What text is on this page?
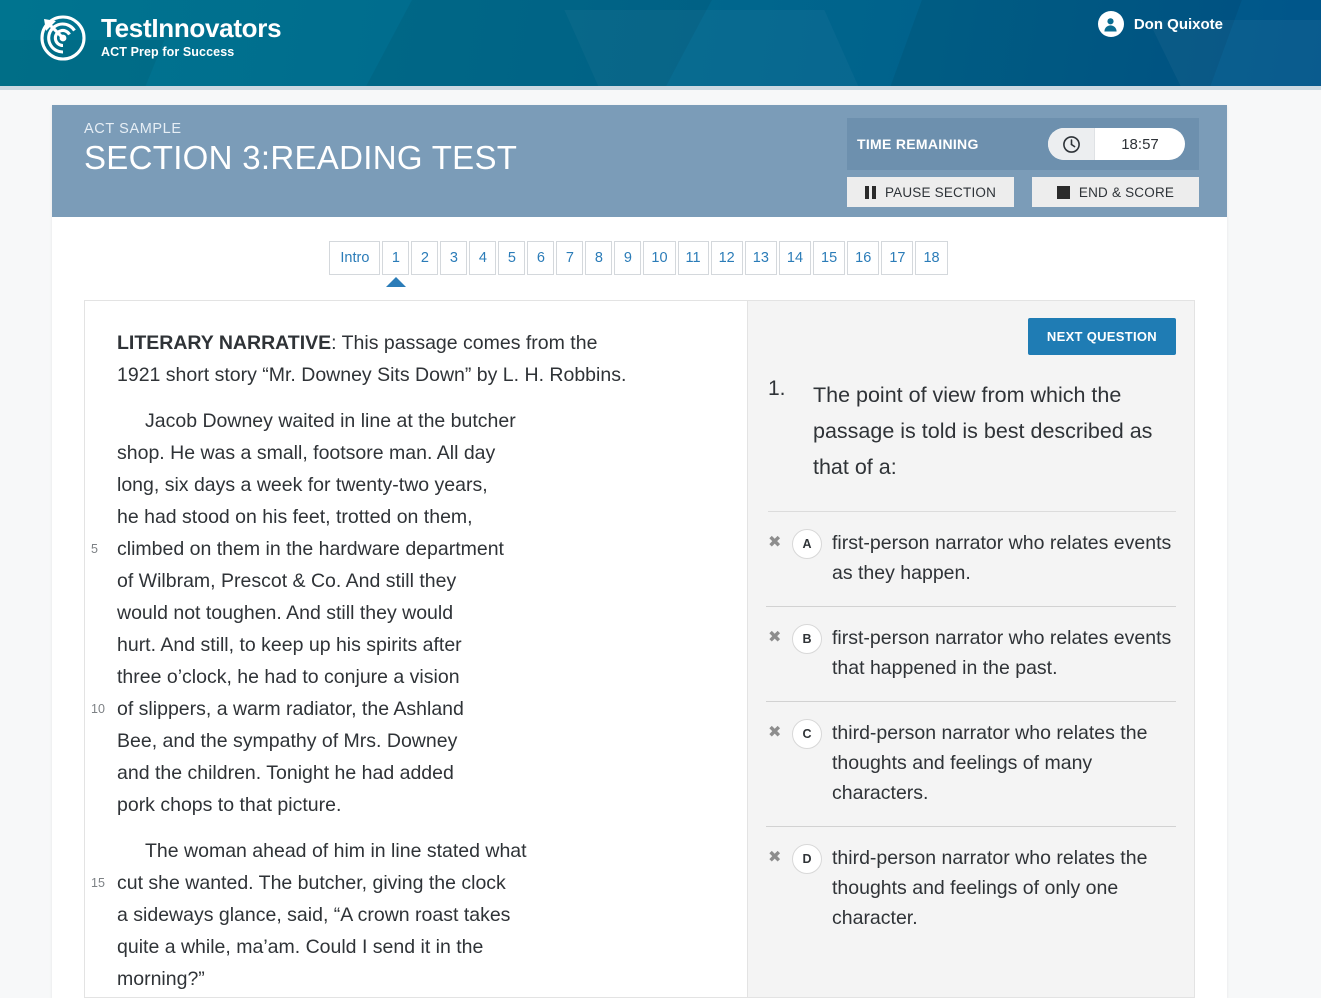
TestInnovators
ACT Prep for Success
Don Quixote
ACT SAMPLE
SECTION 3:READING TEST	TIME REMAINING	18:57
PAUSE SECTION	END & SCORE
Intro	1	2	3	4	5	6	7	8	9	10	11	12	13	14	15	16	17	18
LITERARY NARRATIVE: This passage comes from the
1921 short story “Mr. Downey Sits Down” by L. H. Robbins.
Jacob Downey waited in line at the butcher
shop. He was a small, footsore man. All day
long, six days a week for twenty-two years,
he had stood on his feet, trotted on them,
5 climbed on them in the hardware department
of Wilbram, Prescot & Co. And still they
would not toughen. And still they would
hurt. And still, to keep up his spirits after
three o’clock, he had to conjure a vision
10 of slippers, a warm radiator, the Ashland
Bee, and the sympathy of Mrs. Downey
and the children. Tonight he had added
pork chops to that picture.
The woman ahead of him in line stated what
15 cut she wanted. The butcher, giving the clock
a sideways glance, said, “A crown roast takes
quite a while, ma’am. Could I send it in the
morning?”
NEXT QUESTION
1.	The point of view from which the passage is told is best described as that of a:
✖	A	first-person narrator who relates events as they happen.
✖	B	first-person narrator who relates events that happened in the past.
✖	C	third-person narrator who relates the thoughts and feelings of many characters.
✖	D	third-person narrator who relates the thoughts and feelings of only one character.
